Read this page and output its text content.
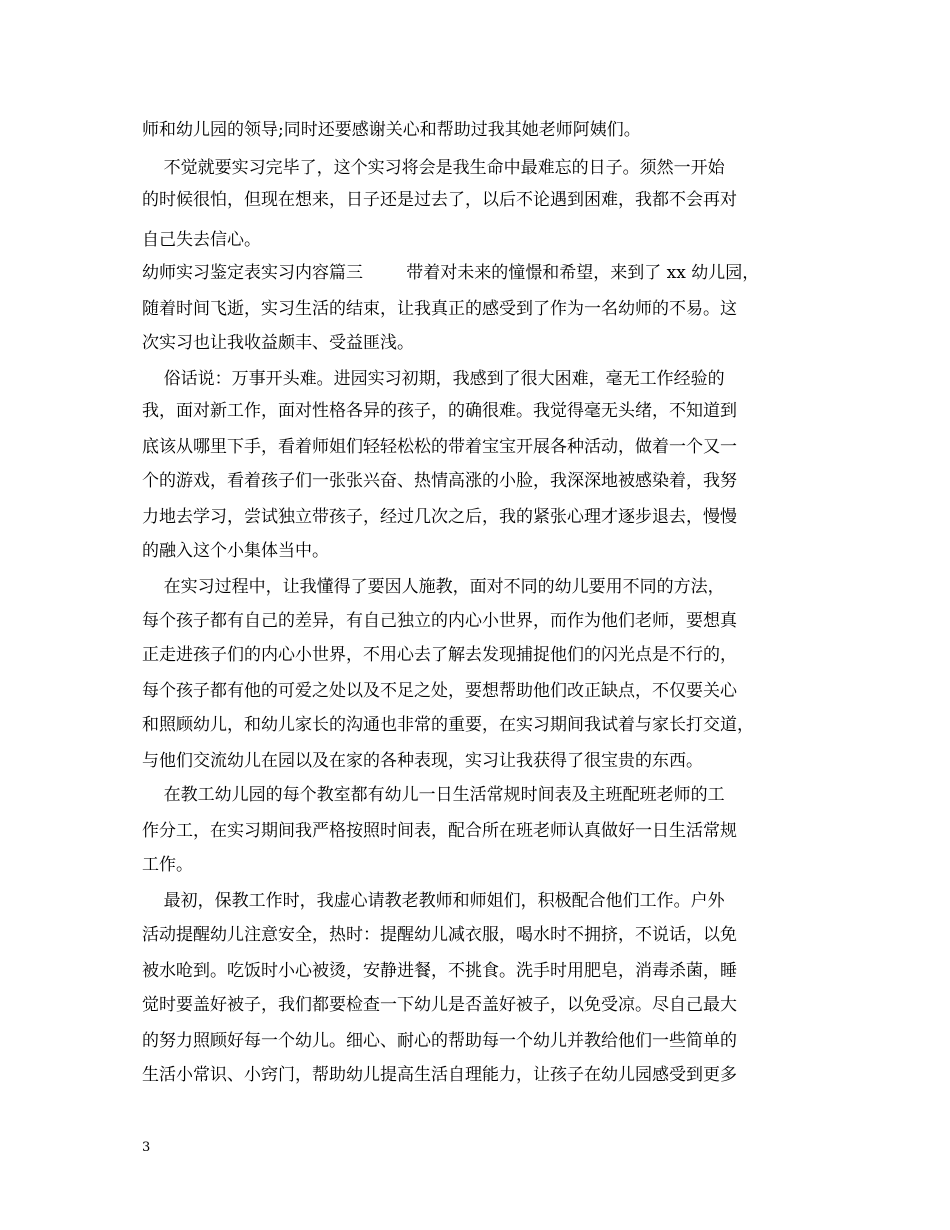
师和幼儿园的领导;同时还要感谢关心和帮助过我其她老师阿姨们。
不觉就要实习完毕了，这个实习将会是我生命中最难忘的日子。须然一开始
的时候很怕，但现在想来，日子还是过去了，以后不论遇到困难，我都不会再对
自己失去信心。
幼师实习鉴定表实习内容篇三        带着对未来的憧憬和希望，来到了 xx 幼儿园，
随着时间飞逝，实习生活的结束，让我真正的感受到了作为一名幼师的不易。这
次实习也让我收益颇丰、受益匪浅。
俗话说：万事开头难。进园实习初期，我感到了很大困难，毫无工作经验的
我，面对新工作，面对性格各异的孩子，的确很难。我觉得毫无头绪，不知道到
底该从哪里下手，看着师姐们轻轻松松的带着宝宝开展各种活动，做着一个又一
个的游戏，看着孩子们一张张兴奋、热情高涨的小脸，我深深地被感染着，我努
力地去学习，尝试独立带孩子，经过几次之后，我的紧张心理才逐步退去，慢慢
的融入这个小集体当中。
在实习过程中，让我懂得了要因人施教，面对不同的幼儿要用不同的方法，
每个孩子都有自己的差异，有自己独立的内心小世界，而作为他们老师，要想真
正走进孩子们的内心小世界，不用心去了解去发现捕捉他们的闪光点是不行的，
每个孩子都有他的可爱之处以及不足之处，要想帮助他们改正缺点，不仅要关心
和照顾幼儿，和幼儿家长的沟通也非常的重要，在实习期间我试着与家长打交道，
与他们交流幼儿在园以及在家的各种表现，实习让我获得了很宝贵的东西。
在教工幼儿园的每个教室都有幼儿一日生活常规时间表及主班配班老师的工
作分工，在实习期间我严格按照时间表，配合所在班老师认真做好一日生活常规
工作。
最初，保教工作时，我虚心请教老教师和师姐们，积极配合他们工作。户外
活动提醒幼儿注意安全，热时：提醒幼儿减衣服，喝水时不拥挤，不说话，以免
被水呛到。吃饭时小心被烫，安静进餐，不挑食。洗手时用肥皂，消毒杀菌，睡
觉时要盖好被子，我们都要检查一下幼儿是否盖好被子，以免受凉。尽自己最大
的努力照顾好每一个幼儿。细心、耐心的帮助每一个幼儿并教给他们一些简单的
生活小常识、小窍门，帮助幼儿提高生活自理能力，让孩子在幼儿园感受到更多
3
